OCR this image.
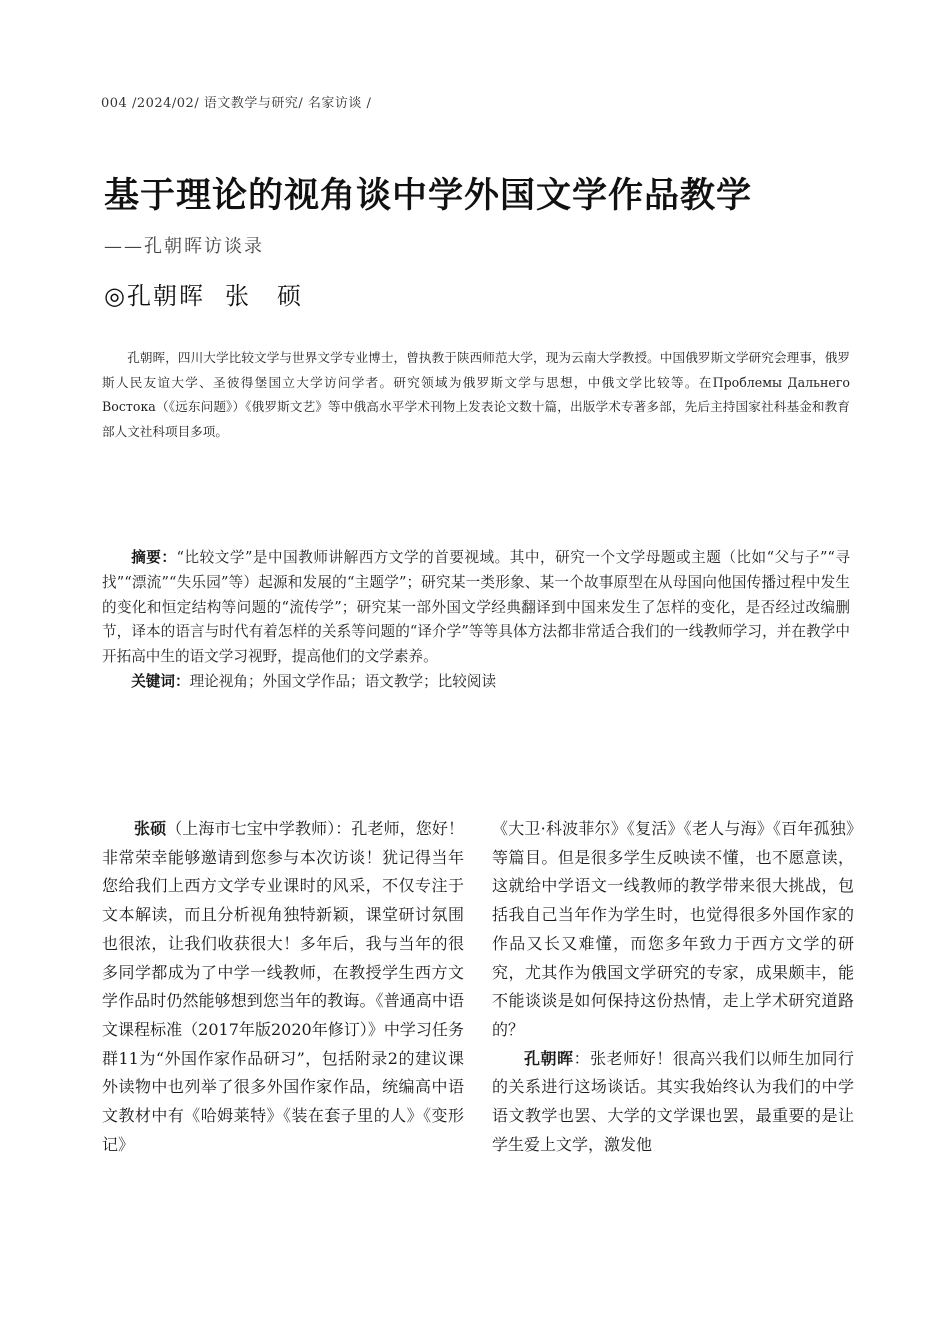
004 /2024/02/ 语文教学与研究/ 名家访谈 /
基于理论的视角谈中学外国文学作品教学
——孔朝晖访谈录
◎孔朝晖 张　硕

孔朝晖，四川大学比较文学与世界文学专业博士，曾执教于陕西师范大学，现为云南大学教授。中国俄罗斯文学研究会理事，俄罗斯人民友谊大学、圣彼得堡国立大学访问学者。研究领域为俄罗斯文学与思想，中俄文学比较等。在Проблемы Дальнего Востока（《远东问题》）《俄罗斯文艺》等中俄高水平学术刊物上发表论文数十篇，出版学术专著多部，先后主持国家社科基金和教育部人文社科项目多项。

摘要：“比较文学”是中国教师讲解西方文学的首要视域。其中，研究一个文学母题或主题（比如“父与子”“寻找”“漂流”“失乐园”等）起源和发展的“主题学”；研究某一类形象、某一个故事原型在从母国向他国传播过程中发生的变化和恒定结构等问题的“流传学”；研究某一部外国文学经典翻译到中国来发生了怎样的变化，是否经过改编删节，译本的语言与时代有着怎样的关系等问题的“译介学”等等具体方法都非常适合我们的一线教师学习，并在教学中开拓高中生的语文学习视野，提高他们的文学素养。

关键词：理论视角；外国文学作品；语文教学；比较阅读

张硕（上海市七宝中学教师）：孔老师，您好！非常荣幸能够邀请到您参与本次访谈！犹记得当年您给我们上西方文学专业课时的风采，不仅专注于文本解读，而且分析视角独特新颖，课堂研讨氛围也很浓，让我们收获很大！多年后，我与当年的很多同学都成为了中学一线教师，在教授学生西方文学作品时仍然能够想到您当年的教诲。《普通高中语文课程标准（2017年版2020年修订）》中学习任务群11为“外国作家作品研习”，包括附录2的建议课外读物中也列举了很多外国作家作品，统编高中语文教材中有《哈姆莱特》《装在套子里的人》《变形记》

《大卫·科波菲尔》《复活》《老人与海》《百年孤独》等篇目。但是很多学生反映读不懂，也不愿意读，这就给中学语文一线教师的教学带来很大挑战，包括我自己当年作为学生时，也觉得很多外国作家的作品又长又难懂，而您多年致力于西方文学的研究，尤其作为俄国文学研究的专家，成果颇丰，能不能谈谈是如何保持这份热情，走上学术研究道路的？

孔朝晖：张老师好！很高兴我们以师生加同行的关系进行这场谈话。其实我始终认为我们的中学语文教学也罢、大学的文学课也罢，最重要的是让学生爱上文学，激发他
